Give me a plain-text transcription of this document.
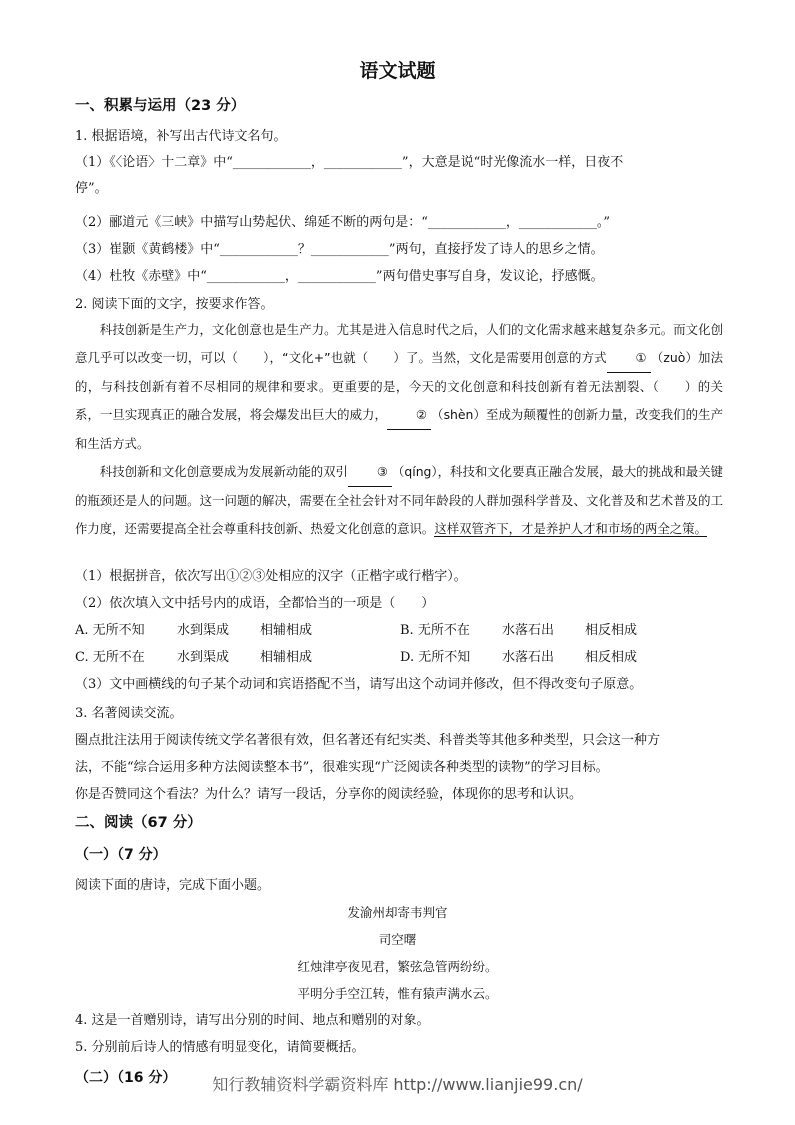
语文试题
一、积累与运用（23 分）
1. 根据语境，补写出古代诗文名句。
（1）《〈论语〉十二章》中“____________，____________”，大意是说“时光像流水一样，日夜不
停”。
（2）郦道元《三峡》中描写山势起伏、绵延不断的两句是：“____________，____________。”
（3）崔颢《黄鹤楼》中“____________？____________”两句，直接抒发了诗人的思乡之情。
（4）杜牧《赤壁》中“____________，____________”两句借史事写自身，发议论，抒感慨。
2. 阅读下面的文字，按要求作答。

科技创新是生产力，文化创意也是生产力。尤其是进入信息时代之后，人们的文化需求越来越复杂多元。而文化创意几乎可以改变一切，可以（　　），“文化+”也就（　　）了。当然，文化是需要用创意的方式 ① （zuò）加法的，与科技创新有着不尽相同的规律和要求。更重要的是，今天的文化创意和科技创新有着无法割裂、（　　）的关系，一旦实现真正的融合发展，将会爆发出巨大的威力， ② （shèn）至成为颠覆性的创新力量，改变我们的生产和生活方式。

科技创新和文化创意要成为发展新动能的双引 ③ （qíng），科技和文化要真正融合发展，最大的挑战和最关键的瓶颈还是人的问题。这一问题的解决，需要在全社会针对不同年龄段的人群加强科学普及、文化普及和艺术普及的工作力度，还需要提高全社会尊重科技创新、热爱文化创意的意识。这样双管齐下，才是养护人才和市场的两全之策。

（1）根据拼音，依次写出①②③处相应的汉字（正楷字或行楷字）。
（2）依次填入文中括号内的成语，全都恰当的一项是（　　）
A. 无所不知 水到渠成 相辅相成	B. 无所不在 水落石出 相反相成
C. 无所不在 水到渠成 相辅相成	D. 无所不知 水落石出 相反相成
（3）文中画横线的句子某个动词和宾语搭配不当，请写出这个动词并修改，但不得改变句子原意。
3. 名著阅读交流。
圈点批注法用于阅读传统文学名著很有效，但名著还有纪实类、科普类等其他多种类型，只会这一种方
法，不能“综合运用多种方法阅读整本书”，很难实现“广泛阅读各种类型的读物”的学习目标。
你是否赞同这个看法？为什么？请写一段话，分享你的阅读经验，体现你的思考和认识。
二、阅读（67 分）
（一）（7 分）
阅读下面的唐诗，完成下面小题。
发渝州却寄韦判官
司空曙
红烛津亭夜见君，繁弦急管两纷纷。
平明分手空江转，惟有猿声满水云。
4. 这是一首赠别诗，请写出分别的时间、地点和赠别的对象。
5. 分别前后诗人的情感有明显变化，请简要概括。
（二）（16 分）	知行教辅资料学霸资料库 http://www.lianjie99.cn/
